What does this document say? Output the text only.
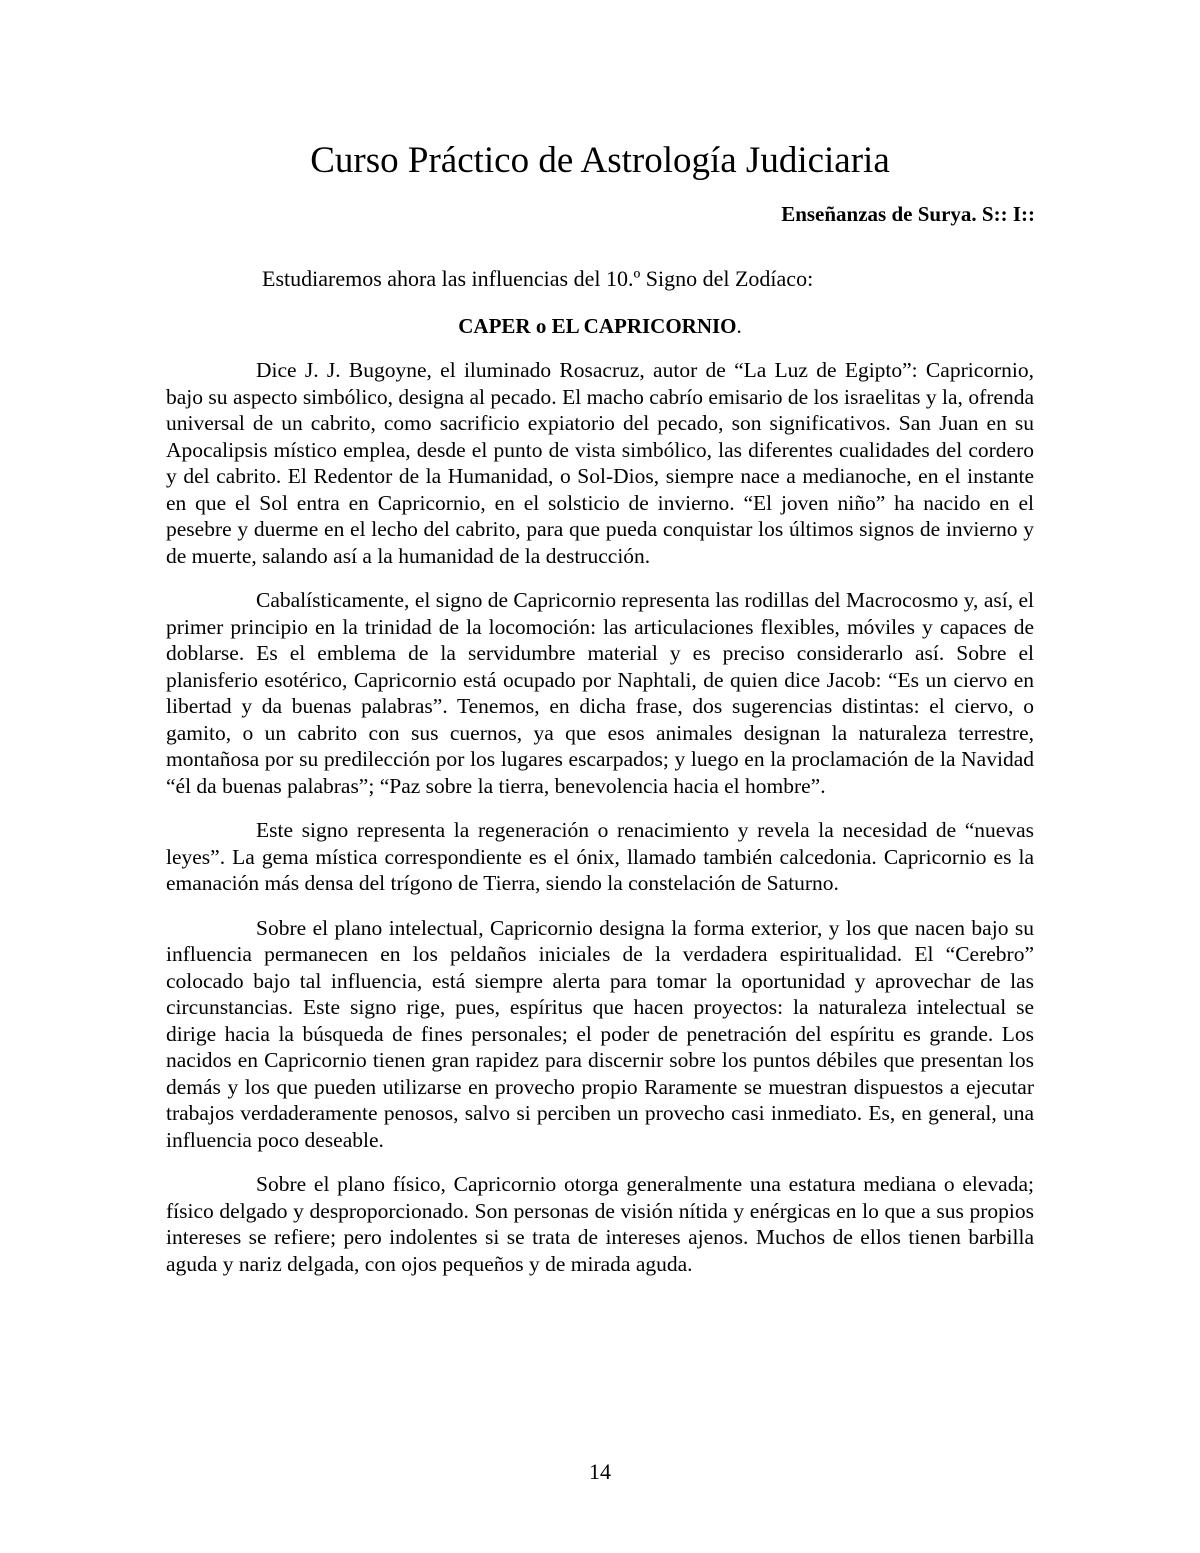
Curso Práctico de Astrología Judiciaria

Enseñanzas de Surya. S:: I::

Estudiaremos ahora las influencias del 10.º Signo del Zodíaco:

CAPER o EL CAPRICORNIO.

Dice J. J. Bugoyne, el iluminado Rosacruz, autor de “La Luz de Egipto”: Capricornio, bajo su aspecto simbólico, designa al pecado. El macho cabrío emisario de los israelitas y la, ofrenda universal de un cabrito, como sacrificio expiatorio del pecado, son significativos. San Juan en su Apocalipsis místico emplea, desde el punto de vista simbólico, las diferentes cualidades del cordero y del cabrito. El Redentor de la Humanidad, o Sol-Dios, siempre nace a medianoche, en el instante en que el Sol entra en Capricornio, en el solsticio de invierno. “El joven niño” ha nacido en el pesebre y duerme en el lecho del cabrito, para que pueda conquistar los últimos signos de invierno y de muerte, salando así a la humanidad de la destrucción.

Cabalísticamente, el signo de Capricornio representa las rodillas del Macrocosmo y, así, el primer principio en la trinidad de la locomoción: las articulaciones flexibles, móviles y capaces de doblarse. Es el emblema de la servidumbre material y es preciso considerarlo así. Sobre el planisferio esotérico, Capricornio está ocupado por Naphtali, de quien dice Jacob: “Es un ciervo en libertad y da buenas palabras”. Tenemos, en dicha frase, dos sugerencias distintas: el ciervo, o gamito, o un cabrito con sus cuernos, ya que esos animales designan la naturaleza terrestre, montañosa por su predilección por los lugares escarpados; y luego en la proclamación de la Navidad “él da buenas palabras”; “Paz sobre la tierra, benevolencia hacia el hombre”.

Este signo representa la regeneración o renacimiento y revela la necesidad de “nuevas leyes”. La gema mística correspondiente es el ónix, llamado también calcedonia. Capricornio es la emanación más densa del trígono de Tierra, siendo la constelación de Saturno.

Sobre el plano intelectual, Capricornio designa la forma exterior, y los que nacen bajo su influencia permanecen en los peldaños iniciales de la verdadera espiritualidad. El “Cerebro” colocado bajo tal influencia, está siempre alerta para tomar la oportunidad y aprovechar de las circunstancias. Este signo rige, pues, espíritus que hacen proyectos: la naturaleza intelectual se dirige hacia la búsqueda de fines personales; el poder de penetración del espíritu es grande. Los nacidos en Capricornio tienen gran rapidez para discernir sobre los puntos débiles que presentan los demás y los que pueden utilizarse en provecho propio Raramente se muestran dispuestos a ejecutar trabajos verdaderamente penosos, salvo si perciben un provecho casi inmediato. Es, en general, una influencia poco deseable.

Sobre el plano físico, Capricornio otorga generalmente una estatura mediana o elevada; físico delgado y desproporcionado. Son personas de visión nítida y enérgicas en lo que a sus propios intereses se refiere; pero indolentes si se trata de intereses ajenos. Muchos de ellos tienen barbilla aguda y nariz delgada, con ojos pequeños y de mirada aguda.

14
